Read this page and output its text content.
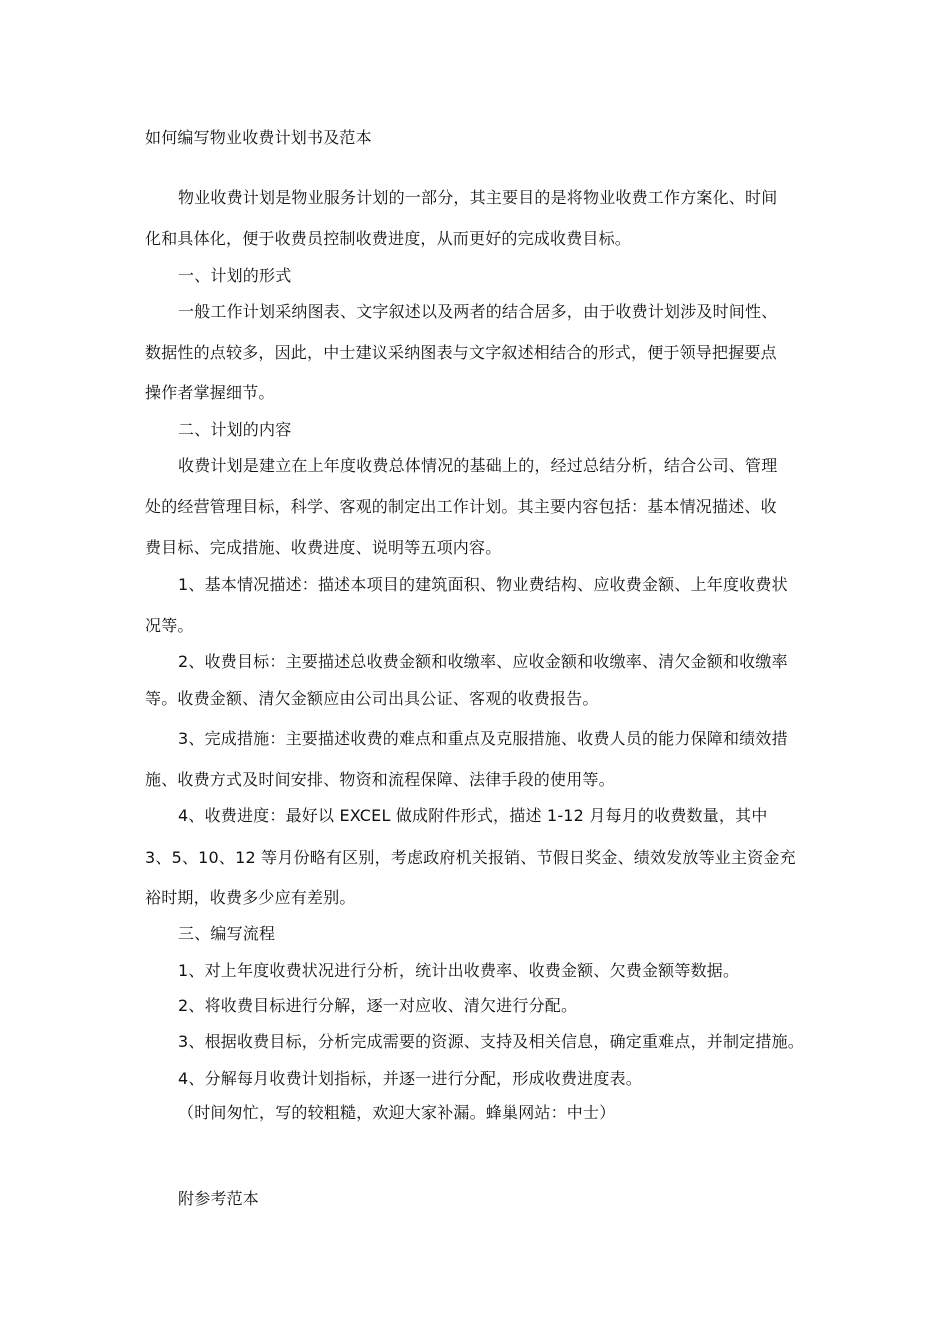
如何编写物业收费计划书及范本
物业收费计划是物业服务计划的一部分，其主要目的是将物业收费工作方案化、时间
化和具体化，便于收费员控制收费进度，从而更好的完成收费目标。
一、计划的形式
一般工作计划采纳图表、文字叙述以及两者的结合居多，由于收费计划涉及时间性、
数据性的点较多，因此，中士建议采纳图表与文字叙述相结合的形式，便于领导把握要点
操作者掌握细节。
二、计划的内容
收费计划是建立在上年度收费总体情况的基础上的，经过总结分析，结合公司、管理
处的经营管理目标，科学、客观的制定出工作计划。其主要内容包括：基本情况描述、收
费目标、完成措施、收费进度、说明等五项内容。
1、基本情况描述：描述本项目的建筑面积、物业费结构、应收费金额、上年度收费状
况等。
2、收费目标：主要描述总收费金额和收缴率、应收金额和收缴率、清欠金额和收缴率
等。收费金额、清欠金额应由公司出具公证、客观的收费报告。
3、完成措施：主要描述收费的难点和重点及克服措施、收费人员的能力保障和绩效措
施、收费方式及时间安排、物资和流程保障、法律手段的使用等。
4、收费进度：最好以 EXCEL 做成附件形式，描述 1-12 月每月的收费数量，其中
3、5、10、12 等月份略有区别，考虑政府机关报销、节假日奖金、绩效发放等业主资金充
裕时期，收费多少应有差别。
三、编写流程
1、对上年度收费状况进行分析，统计出收费率、收费金额、欠费金额等数据。
2、将收费目标进行分解，逐一对应收、清欠进行分配。
3、根据收费目标，分析完成需要的资源、支持及相关信息，确定重难点，并制定措施。
4、分解每月收费计划指标，并逐一进行分配，形成收费进度表。
（时间匆忙，写的较粗糙，欢迎大家补漏。蜂巢网站：中士）
附参考范本
